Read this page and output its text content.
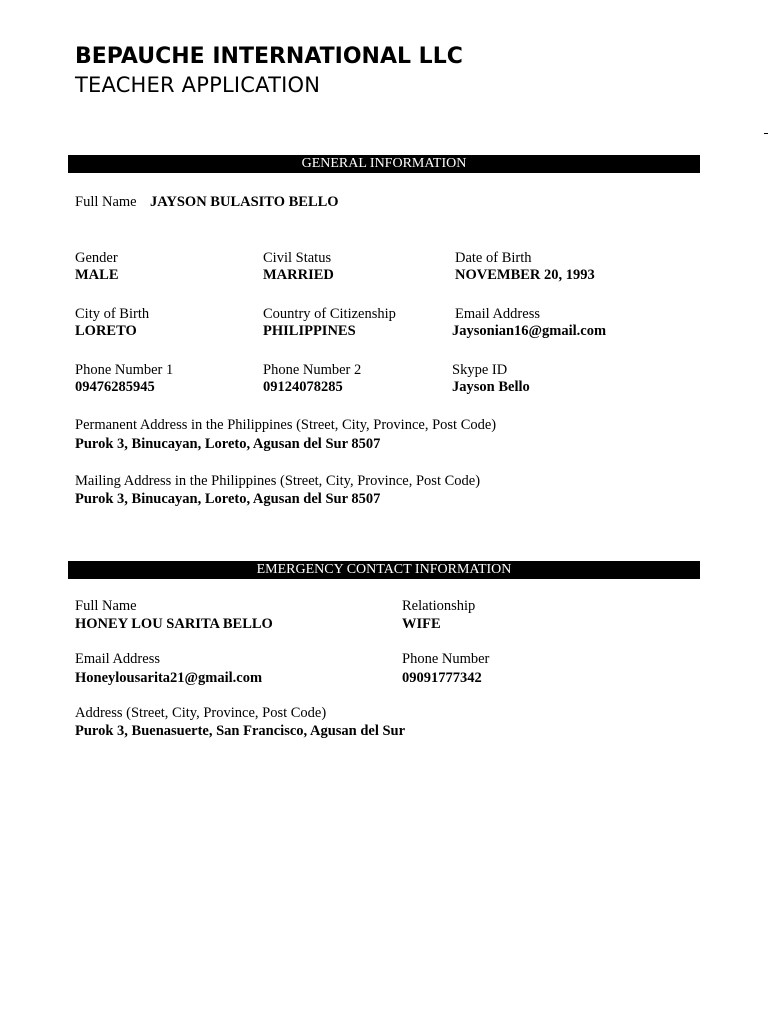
BEPAUCHE INTERNATIONAL LLC
TEACHER APPLICATION
GENERAL INFORMATION
Full Name JAYSON BULASITO BELLO
Gender
MALE
Civil Status
MARRIED
Date of Birth
NOVEMBER 20, 1993
City of Birth
LORETO
Country of Citizenship
PHILIPPINES
Email Address
Jaysonian16@gmail.com
Phone Number 1
09476285945
Phone Number 2
09124078285
Skype ID
Jayson Bello
Permanent Address in the Philippines (Street, City, Province, Post Code)
Purok 3, Binucayan, Loreto, Agusan del Sur 8507
Mailing Address in the Philippines (Street, City, Province, Post Code)
Purok 3, Binucayan, Loreto, Agusan del Sur 8507
EMERGENCY CONTACT INFORMATION
Full Name
HONEY LOU SARITA BELLO
Relationship
WIFE
Email Address
Honeylousarita21@gmail.com
Phone Number
09091777342
Address (Street, City, Province, Post Code)
Purok 3, Buenasuerte, San Francisco, Agusan del Sur
